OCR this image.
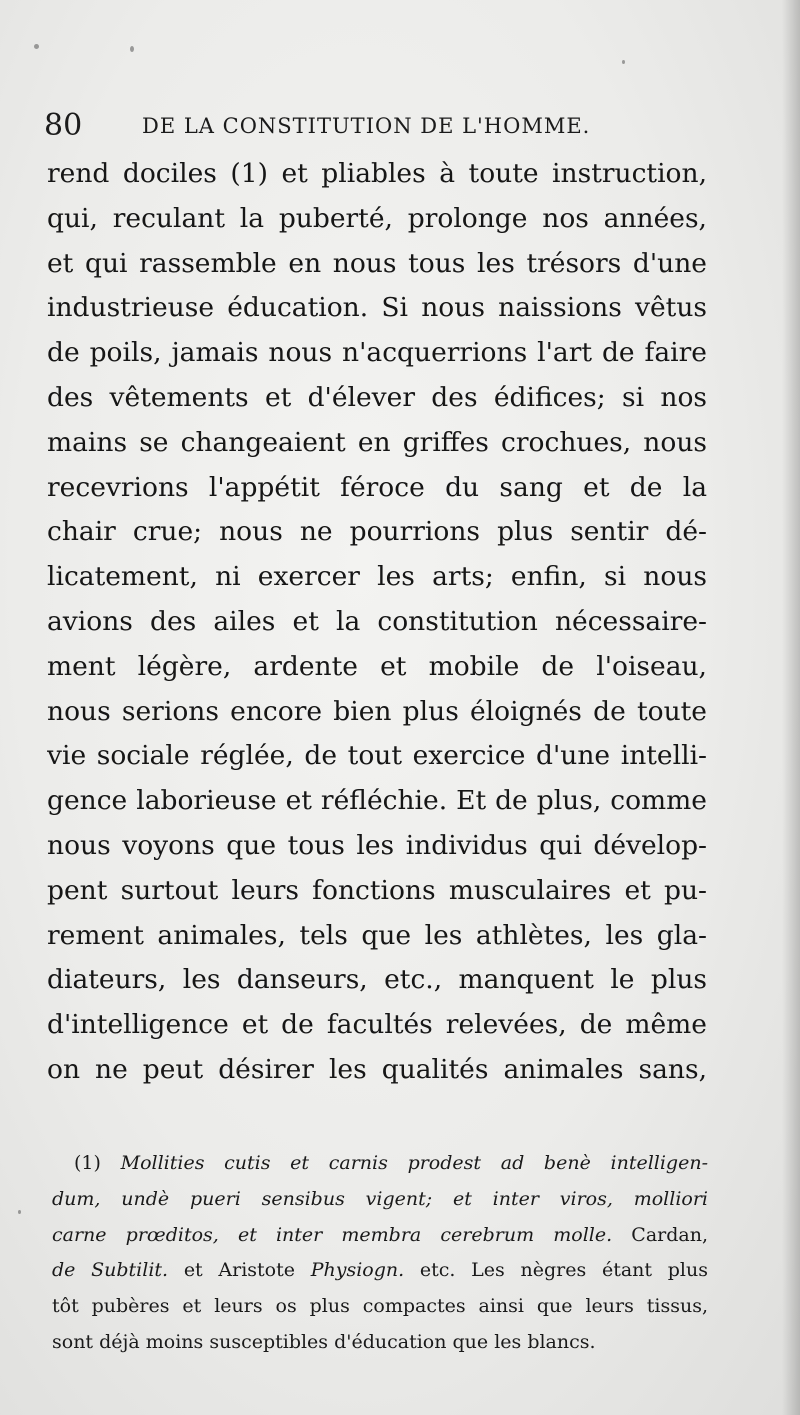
80	DE LA CONSTITUTION DE L'HOMME.
rend dociles (1) et pliables à toute instruction,
qui, reculant la puberté, prolonge nos années,
et qui rassemble en nous tous les trésors d'une
industrieuse éducation. Si nous naissions vêtus
de poils, jamais nous n'acquerrions l'art de faire
des vêtements et d'élever des édifices; si nos
mains se changeaient en griffes crochues, nous
recevrions l'appétit féroce du sang et de la
chair crue; nous ne pourrions plus sentir dé-
licatement, ni exercer les arts; enfin, si nous
avions des ailes et la constitution nécessaire-
ment légère, ardente et mobile de l'oiseau,
nous serions encore bien plus éloignés de toute
vie sociale réglée, de tout exercice d'une intelli-
gence laborieuse et réfléchie. Et de plus, comme
nous voyons que tous les individus qui dévelop-
pent surtout leurs fonctions musculaires et pu-
rement animales, tels que les athlètes, les gla-
diateurs, les danseurs, etc., manquent le plus
d'intelligence et de facultés relevées, de même
on ne peut désirer les qualités animales sans,
(1) Mollities cutis et carnis prodest ad benè intelligen-
dum, undè pueri sensibus vigent; et inter viros, molliori
carne prœditos, et inter membra cerebrum molle. Cardan,
de Subtilit. et Aristote Physiogn. etc. Les nègres étant plus
tôt pubères et leurs os plus compactes ainsi que leurs tissus,
sont déjà moins susceptibles d'éducation que les blancs.
